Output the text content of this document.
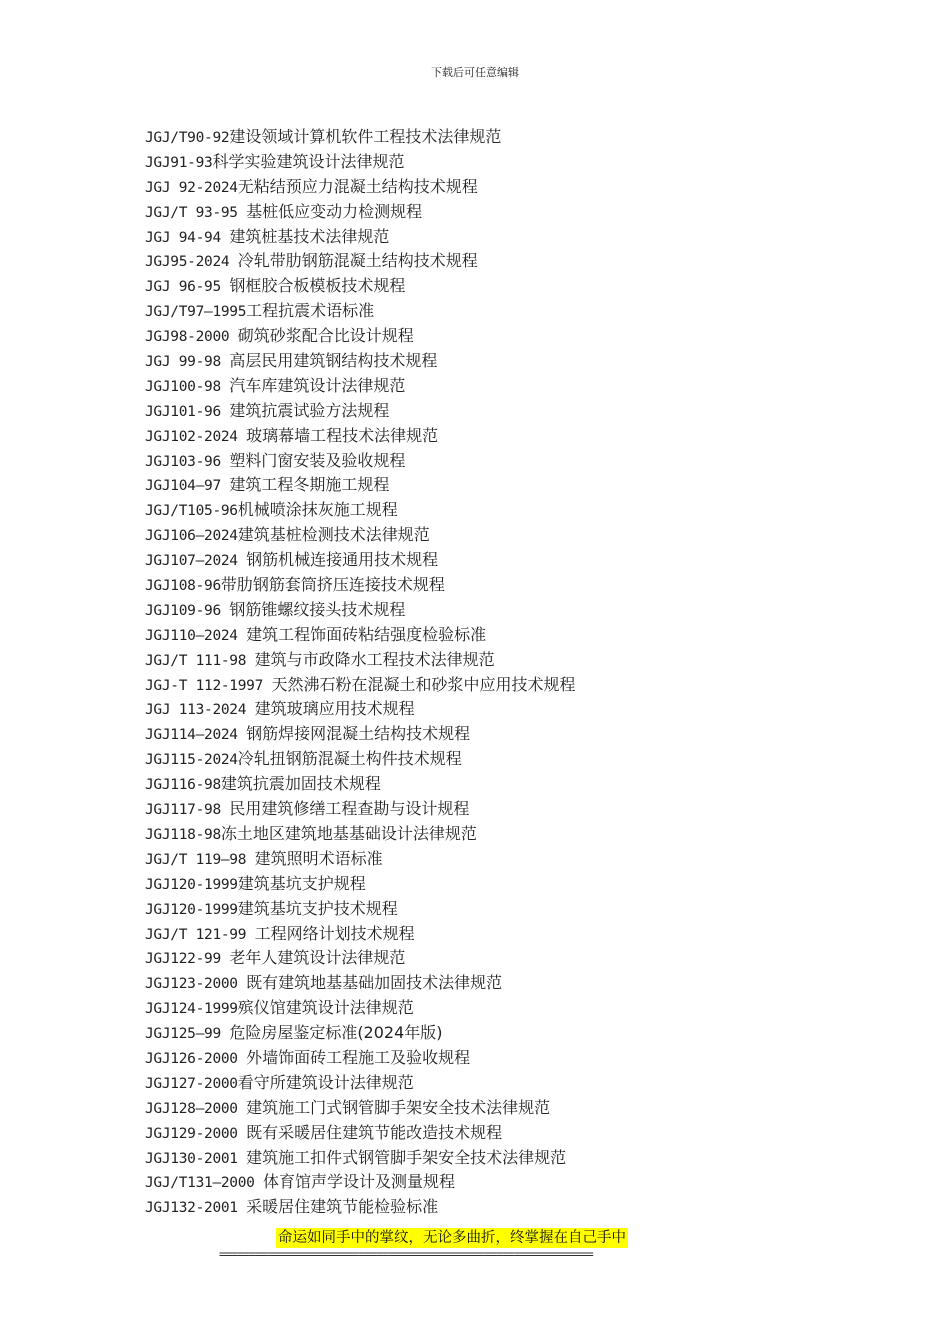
下载后可任意编辑
JGJ/T90-92建设领域计算机软件工程技术法律规范
JGJ91-93科学实验建筑设计法律规范
JGJ 92-2024无粘结预应力混凝土结构技术规程
JGJ/T 93-95 基桩低应变动力检测规程
JGJ 94-94 建筑桩基技术法律规范
JGJ95-2024 冷轧带肋钢筋混凝土结构技术规程
JGJ 96-95 钢框胶合板模板技术规程
JGJ/T97—1995工程抗震术语标准
JGJ98-2000 砌筑砂浆配合比设计规程
JGJ 99-98 高层民用建筑钢结构技术规程
JGJ100-98 汽车库建筑设计法律规范
JGJ101-96 建筑抗震试验方法规程
JGJ102-2024 玻璃幕墙工程技术法律规范
JGJ103-96 塑料门窗安装及验收规程
JGJ104—97 建筑工程冬期施工规程
JGJ/T105-96机械喷涂抹灰施工规程
JGJ106—2024建筑基桩检测技术法律规范
JGJ107—2024 钢筋机械连接通用技术规程
JGJ108-96带肋钢筋套筒挤压连接技术规程
JGJ109-96 钢筋锥螺纹接头技术规程
JGJ110—2024 建筑工程饰面砖粘结强度检验标准
JGJ/T 111-98 建筑与市政降水工程技术法律规范
JGJ-T 112-1997 天然沸石粉在混凝土和砂浆中应用技术规程
JGJ 113-2024 建筑玻璃应用技术规程
JGJ114—2024 钢筋焊接网混凝土结构技术规程
JGJ115-2024冷轧扭钢筋混凝土构件技术规程
JGJ116-98建筑抗震加固技术规程
JGJ117-98 民用建筑修缮工程查勘与设计规程
JGJ118-98冻土地区建筑地基基础设计法律规范
JGJ/T 119—98 建筑照明术语标准
JGJ120-1999建筑基坑支护规程
JGJ120-1999建筑基坑支护技术规程
JGJ/T 121-99 工程网络计划技术规程
JGJ122-99 老年人建筑设计法律规范
JGJ123-2000 既有建筑地基基础加固技术法律规范
JGJ124-1999殡仪馆建筑设计法律规范
JGJ125—99 危险房屋鉴定标准(2024年版)
JGJ126-2000 外墙饰面砖工程施工及验收规程
JGJ127-2000看守所建筑设计法律规范
JGJ128—2000 建筑施工门式钢管脚手架安全技术法律规范
JGJ129-2000 既有采暖居住建筑节能改造技术规程
JGJ130-2001 建筑施工扣件式钢管脚手架安全技术法律规范
JGJ/T131—2000 体育馆声学设计及测量规程
JGJ132-2001 采暖居住建筑节能检验标准
命运如同手中的掌纹，无论多曲折，终掌握在自己手中
==============================================================
